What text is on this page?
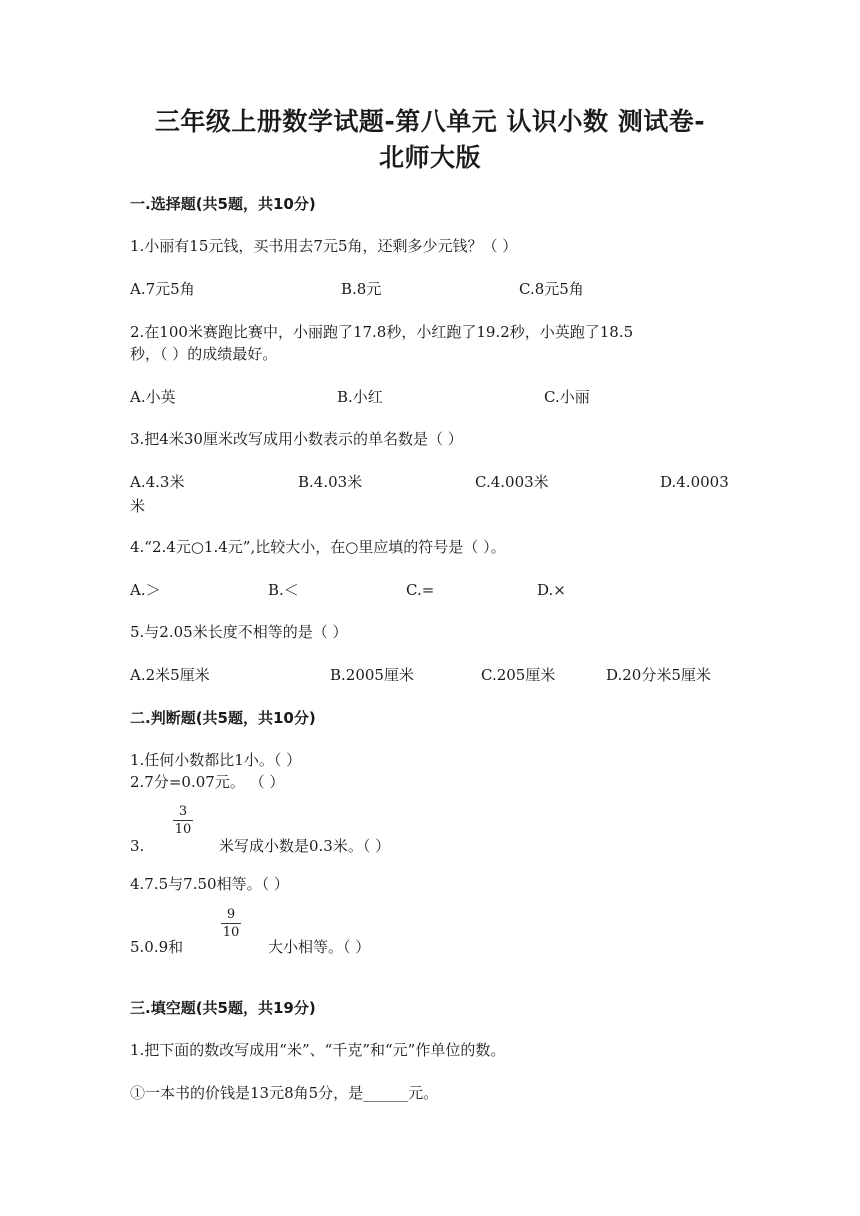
三年级上册数学试题-第八单元 认识小数 测试卷-
北师大版
一.选择题(共5题，共10分)
1.小丽有15元钱，买书用去7元5角，还剩多少元钱？（ ）
A.7元5角	B.8元	C.8元5角
2.在100米赛跑比赛中，小丽跑了17.8秒，小红跑了19.2秒，小英跑了18.5
秒，（ ）的成绩最好。
A.小英	B.小红	C.小丽
3.把4米30厘米改写成用小数表示的单名数是（ ）
A.4.3米	B.4.03米	C.4.003米	D.4.0003
米
4.“2.4元○1.4元”,比较大小，在○里应填的符号是（ ）。
A.＞	B.＜	C.=	D.×
5.与2.05米长度不相等的是（ ）
A.2米5厘米	B.2005厘米	C.205厘米	D.20分米5厘米
二.判断题(共5题，共10分)
1.任何小数都比1小。（ ）
2.7分=0.07元。 （ ）
3.
3
10
米写成小数是0.3米。（ ）
4.7.5与7.50相等。（ ）
5.0.9和
9
10
大小相等。（ ）
三.填空题(共5题，共19分)
1.把下面的数改写成用“米”、“千克”和“元”作单位的数。
①一本书的价钱是13元8角5分，是______元。
